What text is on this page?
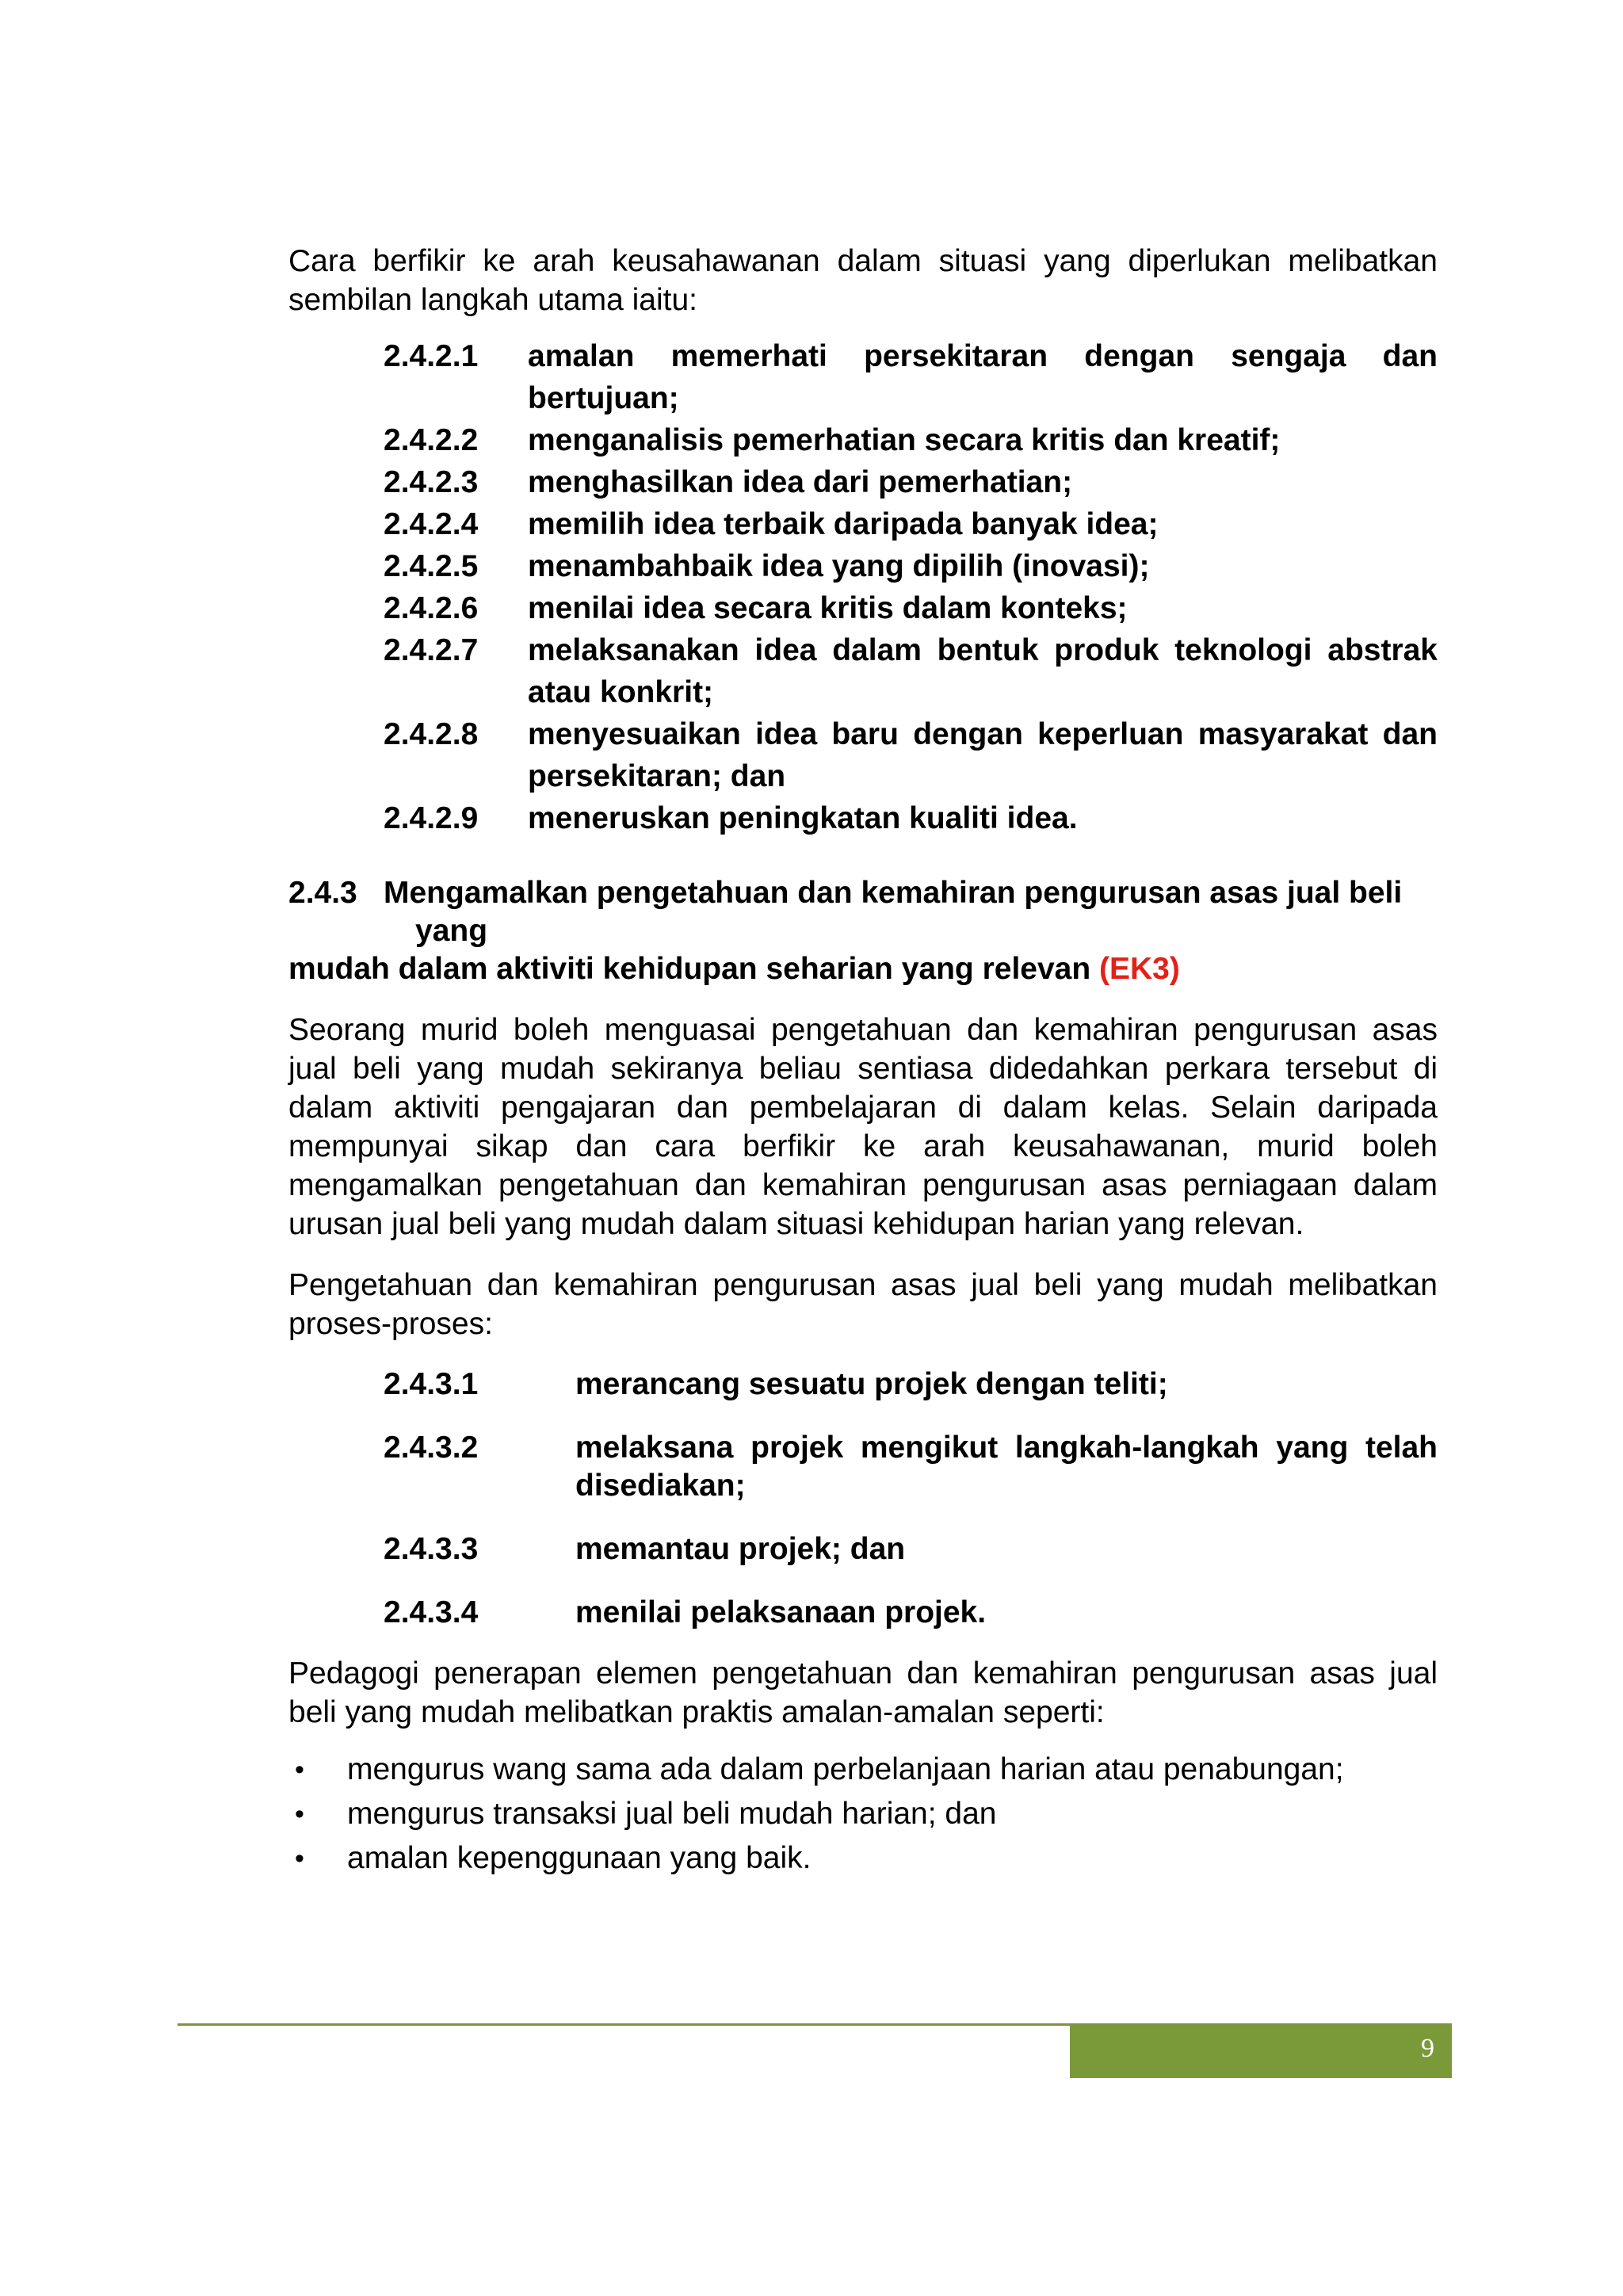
Cara berfikir ke arah keusahawanan dalam situasi yang diperlukan melibatkan sembilan langkah utama iaitu:

2.4.2.1	amalan memerhati persekitaran dengan sengaja dan bertujuan;
2.4.2.2	menganalisis pemerhatian secara kritis dan kreatif;
2.4.2.3	menghasilkan idea dari pemerhatian;
2.4.2.4	memilih idea terbaik daripada banyak idea;
2.4.2.5	menambahbaik idea yang dipilih (inovasi);
2.4.2.6	menilai idea secara kritis dalam konteks;
2.4.2.7	melaksanakan idea dalam bentuk produk teknologi abstrak atau konkrit;
2.4.2.8	menyesuaikan idea baru dengan keperluan masyarakat dan persekitaran; dan
2.4.2.9	meneruskan peningkatan kualiti idea.
2.4.3 Mengamalkan pengetahuan dan kemahiran pengurusan asas jual beli
yang
mudah dalam aktiviti kehidupan seharian yang relevan (EK3)

Seorang murid boleh menguasai pengetahuan dan kemahiran pengurusan asas jual beli yang mudah sekiranya beliau sentiasa didedahkan perkara tersebut di dalam aktiviti pengajaran dan pembelajaran di dalam kelas. Selain daripada mempunyai sikap dan cara berfikir ke arah keusahawanan, murid boleh mengamalkan pengetahuan dan kemahiran pengurusan asas perniagaan dalam urusan jual beli yang mudah dalam situasi kehidupan harian yang relevan.

Pengetahuan dan kemahiran pengurusan asas jual beli yang mudah melibatkan proses-proses:

2.4.3.1	merancang sesuatu projek dengan teliti;
2.4.3.2	melaksana projek mengikut langkah-langkah yang telah disediakan;
2.4.3.3	memantau projek; dan
2.4.3.4	menilai pelaksanaan projek.

Pedagogi penerapan elemen pengetahuan dan kemahiran pengurusan asas jual beli yang mudah melibatkan praktis amalan-amalan seperti:

•	mengurus wang sama ada dalam perbelanjaan harian atau penabungan;
•	mengurus transaksi jual beli mudah harian; dan
•	amalan kepenggunaan yang baik.
9
